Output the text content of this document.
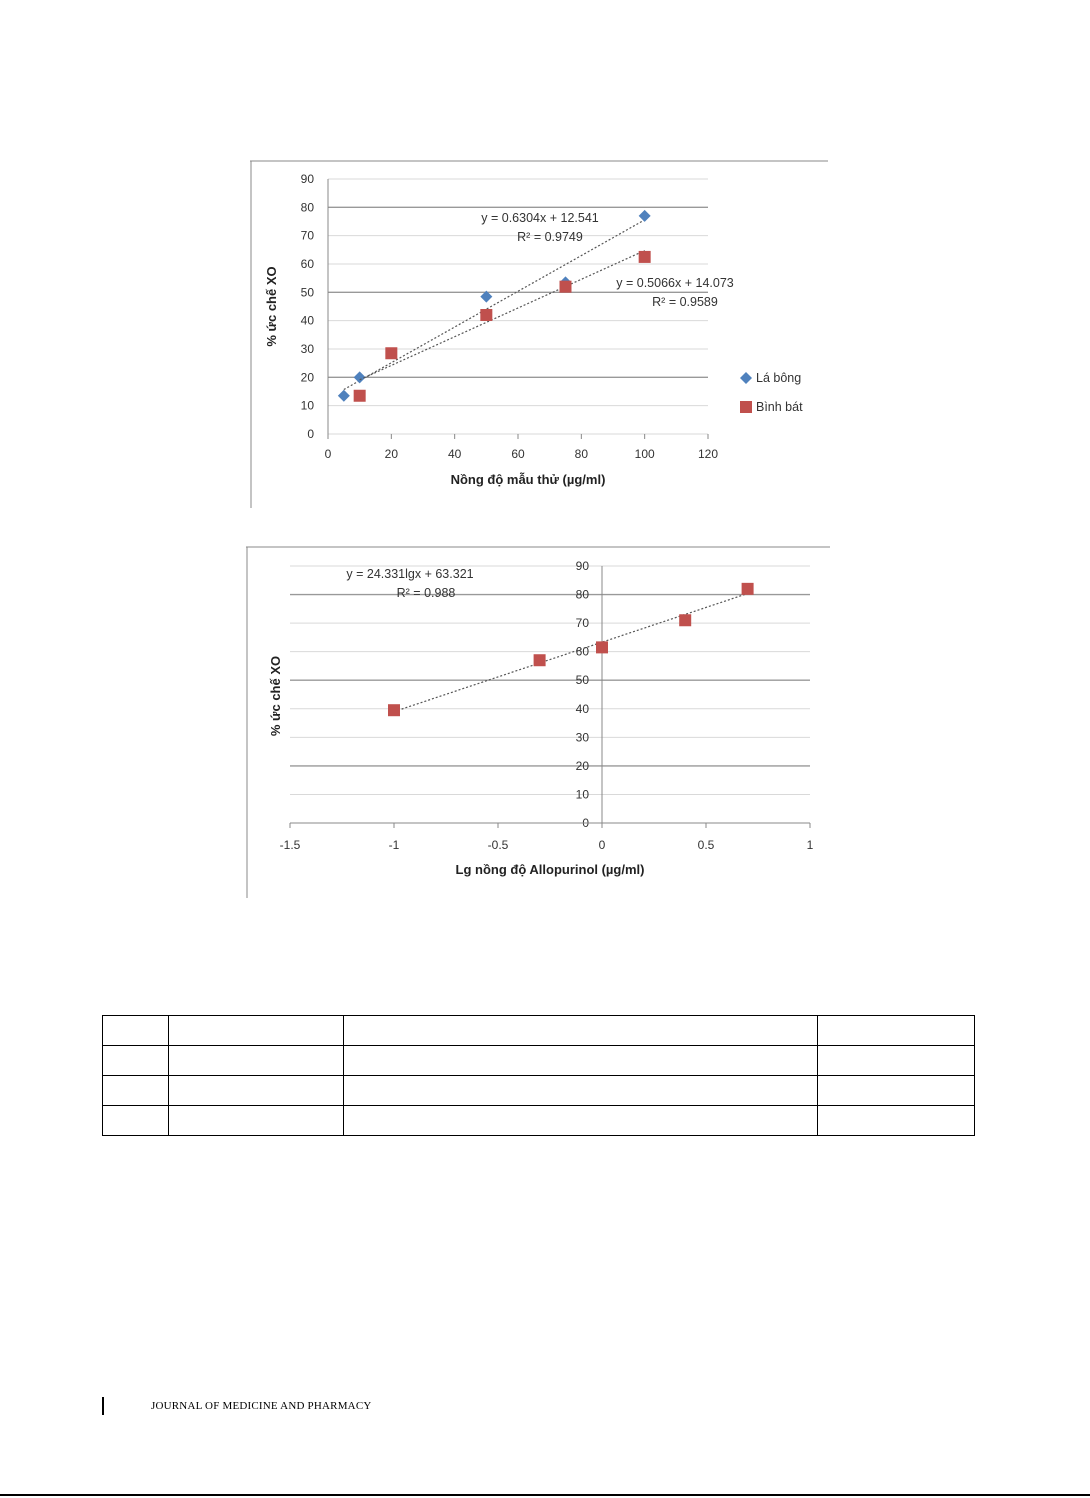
0
10
20
30
40
50
60
70
80
90
0	20	40	60	80	100	120
Nồng độ mẫu thử (µg/ml)
% ức chế XO
y = 0.6304x + 12.541
R² = 0.9749
y = 0.5066x + 14.073
R² = 0.9589
Lá bông
Bình bát
0
10
20
30
40
50
60
70
80
90
-1.5	-1	-0.5	0	0.5	1
Lg nồng độ Allopurinol (µg/ml)
% ức chế XO
y = 24.331lgx + 63.321
R² = 0.988

JOURNAL OF MEDICINE AND PHARMACY
